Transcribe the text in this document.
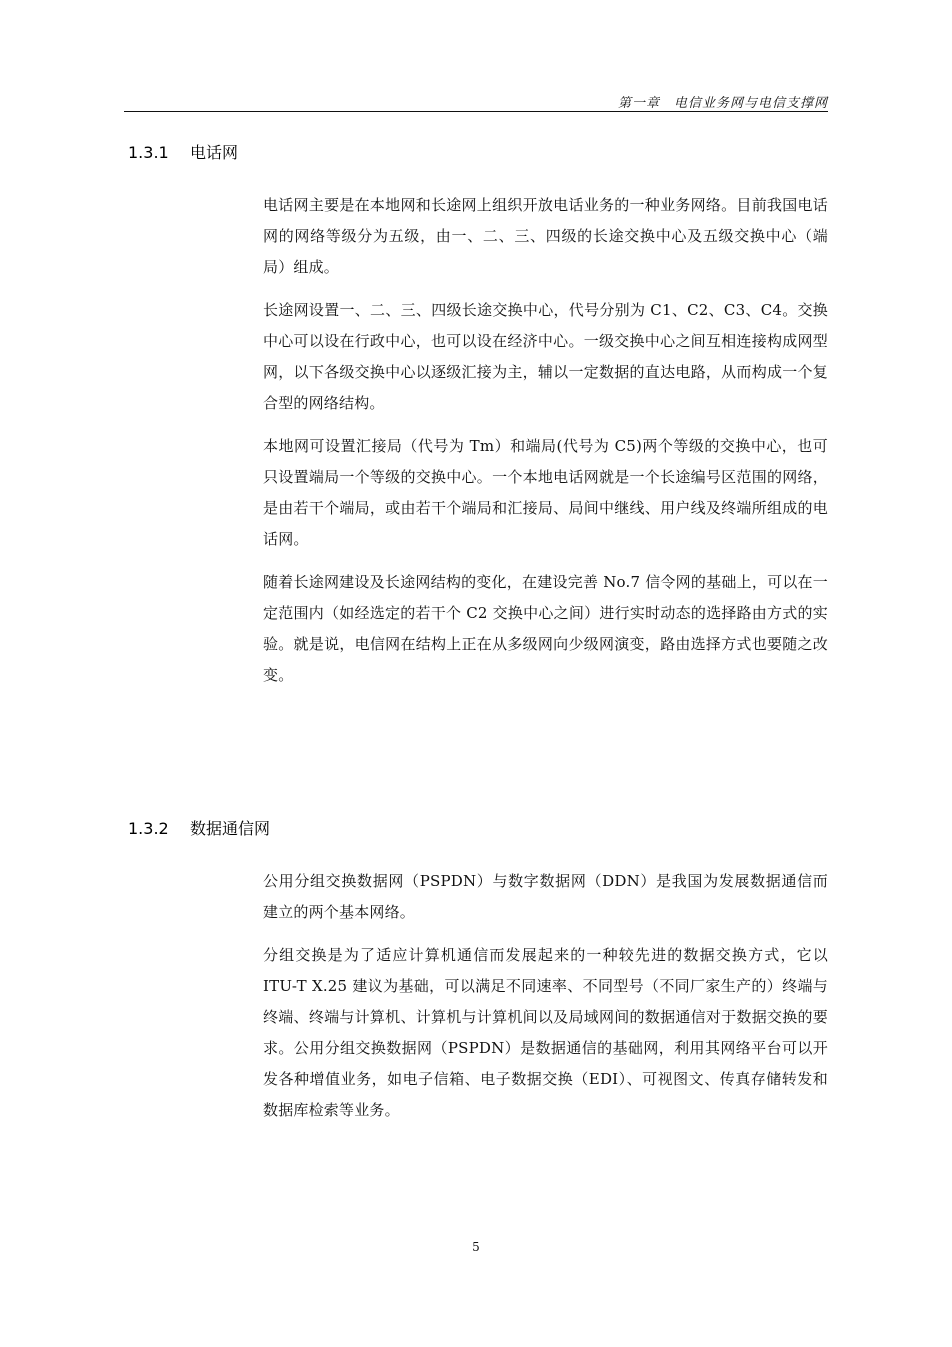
第一章　电信业务网与电信支撑网
1.3.1 电话网

电话网主要是在本地网和长途网上组织开放电话业务的一种业务网络。目前我国电话网的网络等级分为五级，由一、二、三、四级的长途交换中心及五级交换中心（端局）组成。

长途网设置一、二、三、四级长途交换中心，代号分别为 C1、C2、C3、C4。交换中心可以设在行政中心，也可以设在经济中心。一级交换中心之间互相连接构成网型网，以下各级交换中心以逐级汇接为主，辅以一定数据的直达电路，从而构成一个复合型的网络结构。

本地网可设置汇接局（代号为 Tm）和端局(代号为 C5)两个等级的交换中心，也可只设置端局一个等级的交换中心。一个本地电话网就是一个长途编号区范围的网络，是由若干个端局，或由若干个端局和汇接局、局间中继线、用户线及终端所组成的电话网。

随着长途网建设及长途网结构的变化，在建设完善 No.7 信令网的基础上，可以在一定范围内（如经选定的若干个 C2 交换中心之间）进行实时动态的选择路由方式的实验。就是说，电信网在结构上正在从多级网向少级网演变，路由选择方式也要随之改变。

1.3.2 数据通信网

公用分组交换数据网（PSPDN）与数字数据网（DDN）是我国为发展数据通信而建立的两个基本网络。

分组交换是为了适应计算机通信而发展起来的一种较先进的数据交换方式，它以 ITU-T X.25 建议为基础，可以满足不同速率、不同型号（不同厂家生产的）终端与终端、终端与计算机、计算机与计算机间以及局域网间的数据通信对于数据交换的要求。公用分组交换数据网（PSPDN）是数据通信的基础网，利用其网络平台可以开发各种增值业务，如电子信箱、电子数据交换（EDI）、可视图文、传真存储转发和数据库检索等业务。

5
